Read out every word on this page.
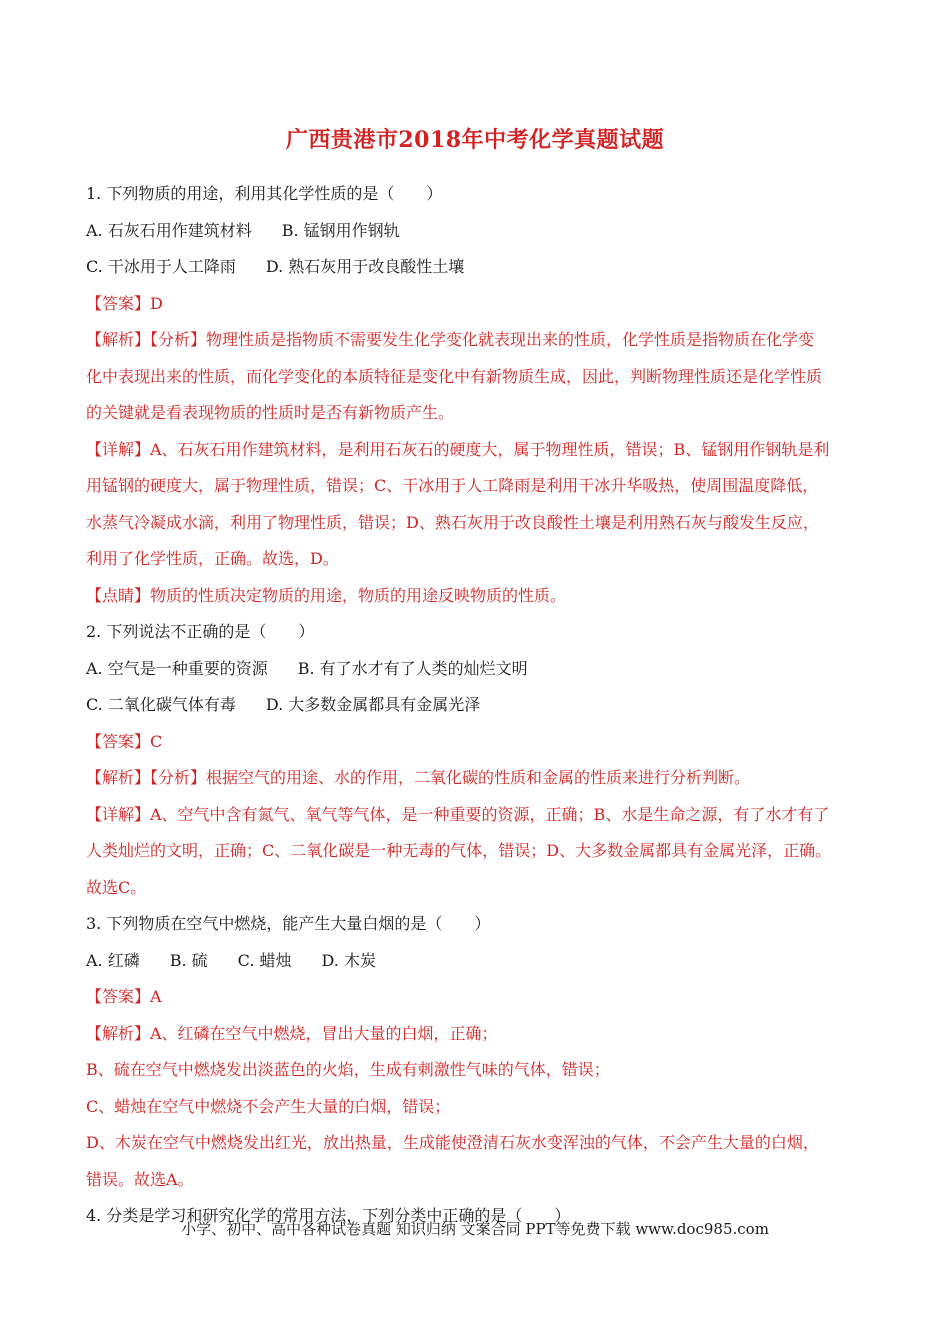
广西贵港市2018年中考化学真题试题
1. 下列物质的用途，利用其化学性质的是（　　）
A. 石灰石用作建筑材料 B. 锰钢用作钢轨
C. 干冰用于人工降雨 D. 熟石灰用于改良酸性土壤
【答案】D
【解析】【分析】物理性质是指物质不需要发生化学变化就表现出来的性质，化学性质是指物质在化学变
化中表现出来的性质，而化学变化的本质特征是变化中有新物质生成，因此，判断物理性质还是化学性质
的关键就是看表现物质的性质时是否有新物质产生。
【详解】A、石灰石用作建筑材料，是利用石灰石的硬度大，属于物理性质，错误；B、锰钢用作钢轨是利
用锰钢的硬度大，属于物理性质，错误；C、干冰用于人工降雨是利用干冰升华吸热，使周围温度降低，
水蒸气冷凝成水滴，利用了物理性质，错误；D、熟石灰用于改良酸性土壤是利用熟石灰与酸发生反应，
利用了化学性质，正确。故选，D。
【点睛】物质的性质决定物质的用途，物质的用途反映物质的性质。
2. 下列说法不正确的是（　　）
A. 空气是一种重要的资源 B. 有了水才有了人类的灿烂文明
C. 二氧化碳气体有毒 D. 大多数金属都具有金属光泽
【答案】C
【解析】【分析】根据空气的用途、水的作用，二氧化碳的性质和金属的性质来进行分析判断。
【详解】A、空气中含有氮气、氧气等气体，是一种重要的资源，正确；B、水是生命之源，有了水才有了
人类灿烂的文明，正确；C、二氧化碳是一种无毒的气体，错误；D、大多数金属都具有金属光泽，正确。
故选C。
3. 下列物质在空气中燃烧，能产生大量白烟的是（　　）
A. 红磷 B. 硫 C. 蜡烛 D. 木炭
【答案】A
【解析】A、红磷在空气中燃烧，冒出大量的白烟，正确；
B、硫在空气中燃烧发出淡蓝色的火焰，生成有刺激性气味的气体，错误；
C、蜡烛在空气中燃烧不会产生大量的白烟，错误；
D、木炭在空气中燃烧发出红光，放出热量，生成能使澄清石灰水变浑浊的气体，不会产生大量的白烟，
错误。故选A。
4. 分类是学习和研究化学的常用方法，下列分类中正确的是（　　）
小学、初中、高中各种试卷真题 知识归纳 文案合同 PPT等免费下载 www.doc985.com
